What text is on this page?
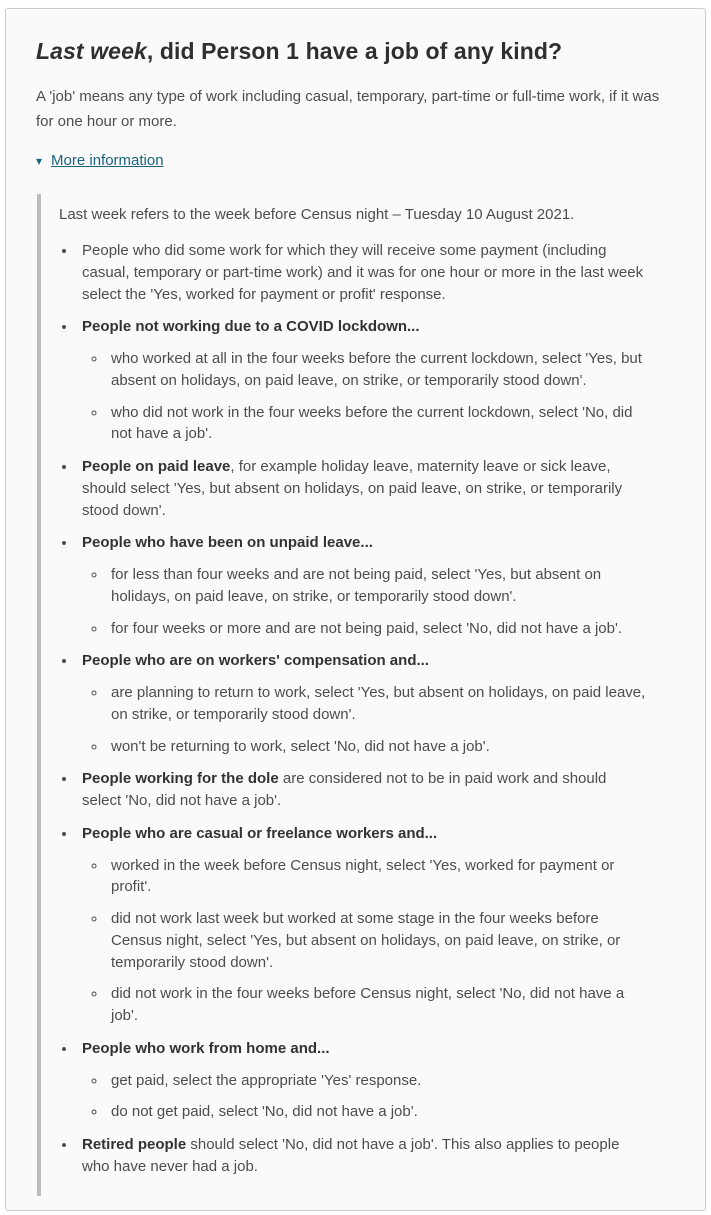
Last week, did Person 1 have a job of any kind?

A 'job' means any type of work including casual, temporary, part-time or full-time work, if it was for one hour or more.

▾ More information

Last week refers to the week before Census night – Tuesday 10 August 2021.

• People who did some work for which they will receive some payment (including casual, temporary or part-time work) and it was for one hour or more in the last week select the 'Yes, worked for payment or profit' response.
• People not working due to a COVID lockdown...
◦ who worked at all in the four weeks before the current lockdown, select 'Yes, but absent on holidays, on paid leave, on strike, or temporarily stood down'.
◦ who did not work in the four weeks before the current lockdown, select 'No, did not have a job'.
• People on paid leave, for example holiday leave, maternity leave or sick leave, should select 'Yes, but absent on holidays, on paid leave, on strike, or temporarily stood down'.
• People who have been on unpaid leave...
◦ for less than four weeks and are not being paid, select 'Yes, but absent on holidays, on paid leave, on strike, or temporarily stood down'.
◦ for four weeks or more and are not being paid, select 'No, did not have a job'.
• People who are on workers' compensation and...
◦ are planning to return to work, select 'Yes, but absent on holidays, on paid leave, on strike, or temporarily stood down'.
◦ won't be returning to work, select 'No, did not have a job'.
• People working for the dole are considered not to be in paid work and should select 'No, did not have a job'.
• People who are casual or freelance workers and...
◦ worked in the week before Census night, select 'Yes, worked for payment or profit'.
◦ did not work last week but worked at some stage in the four weeks before Census night, select 'Yes, but absent on holidays, on paid leave, on strike, or temporarily stood down'.
◦ did not work in the four weeks before Census night, select 'No, did not have a job'.
• People who work from home and...
◦ get paid, select the appropriate 'Yes' response.
◦ do not get paid, select 'No, did not have a job'.
• Retired people should select 'No, did not have a job'. This also applies to people who have never had a job.
